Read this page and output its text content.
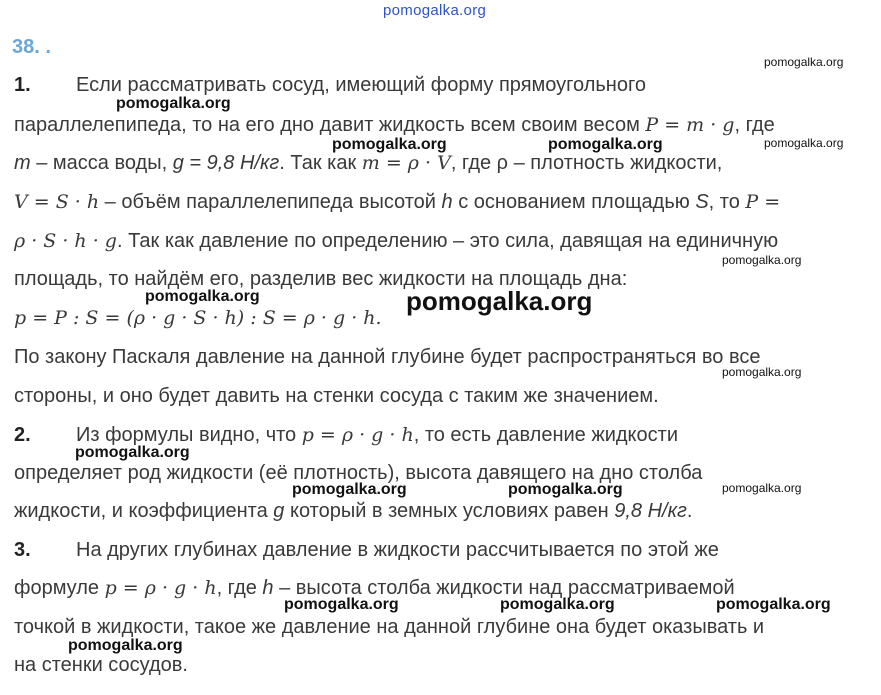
pomogalka.org
38. .
1. Если рассматривать сосуд, имеющий форму прямоугольного
параллелепипеда, то на его дно давит жидкость всем своим весом P = m · g, где
m – масса воды, g = 9,8 Н/кг. Так как m = ρ · V, где ρ – плотность жидкости,
V = S · h – объём параллелепипеда высотой h с основанием площадью S, то P =
ρ · S · h · g. Так как давление по определению – это сила, давящая на единичную
площадь, то найдём его, разделив вес жидкости на площадь дна:
p = P : S = (ρ · g · S · h) : S = ρ · g · h.
По закону Паскаля давление на данной глубине будет распространяться во все
стороны, и оно будет давить на стенки сосуда с таким же значением.
2. Из формулы видно, что p = ρ · g · h, то есть давление жидкости
определяет род жидкости (её плотность), высота давящего на дно столба
жидкости, и коэффициента g который в земных условиях равен 9,8 Н/кг.
3. На других глубинах давление в жидкости рассчитывается по этой же
формуле p = ρ · g · h, где h – высота столба жидкости над рассматриваемой
точкой в жидкости, такое же давление на данной глубине она будет оказывать и
на стенки сосудов.
pomogalka.org
pomogalka.org
pomogalka.org	pomogalka.org	pomogalka.org
pomogalka.org
pomogalka.org	pomogalka.org
pomogalka.org
pomogalka.org
pomogalka.org	pomogalka.org	pomogalka.org
pomogalka.org	pomogalka.org	pomogalka.org
pomogalka.org
